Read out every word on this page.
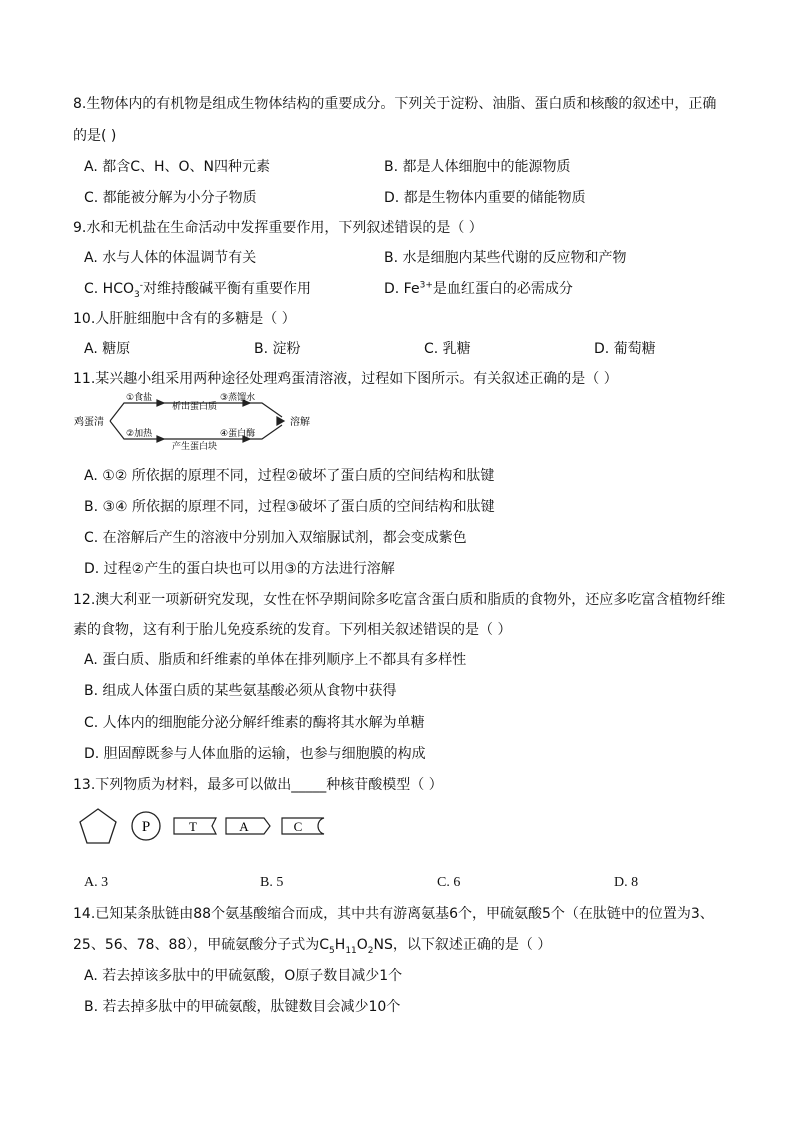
8.生物体内的有机物是组成生物体结构的重要成分。下列关于淀粉、油脂、蛋白质和核酸的叙述中，正确
的是( )
A. 都含C、H、O、N四种元素	B. 都是人体细胞中的能源物质
C. 都能被分解为小分子物质	D. 都是生物体内重要的储能物质
9.水和无机盐在生命活动中发挥重要作用，下列叙述错误的是（ ）
A. 水与人体的体温调节有关	B. 水是细胞内某些代谢的反应物和产物
C. $HCO_3^-$对维持酸碱平衡有重要作用	D. $Fe^{3+}$是血红蛋白的必需成分
10.人肝脏细胞中含有的多糖是（ ）
A. 糖原	B. 淀粉	C. 乳糖	D. 葡萄糖
11.某兴趣小组采用两种途径处理鸡蛋清溶液，过程如下图所示。有关叙述正确的是（ ）
鸡蛋清
①食盐
析出蛋白质
③蒸馏水
②加热
产生蛋白块
④蛋白酶
溶解
A. ①② 所依据的原理不同，过程②破坏了蛋白质的空间结构和肽键
B. ③④ 所依据的原理不同，过程③破坏了蛋白质的空间结构和肽键
C. 在溶解后产生的溶液中分别加入双缩脲试剂，都会变成紫色
D. 过程②产生的蛋白块也可以用③的方法进行溶解
12.澳大利亚一项新研究发现，女性在怀孕期间除多吃富含蛋白质和脂质的食物外，还应多吃富含植物纤维
素的食物，这有利于胎儿免疫系统的发育。下列相关叙述错误的是（ ）
A. 蛋白质、脂质和纤维素的单体在排列顺序上不都具有多样性
B. 组成人体蛋白质的某些氨基酸必须从食物中获得
C. 人体内的细胞能分泌分解纤维素的酶将其水解为单糖
D. 胆固醇既参与人体血脂的运输，也参与细胞膜的构成
13.下列物质为材料，最多可以做出_____种核苷酸模型（ ）
P	T	A	C
A. 3	B. 5	C. 6	D. 8
14.已知某条肽链由88个氨基酸缩合而成，其中共有游离氨基6个，甲硫氨酸5个（在肽链中的位置为3、
25、56、78、88），甲硫氨酸分子式为$C_5H_{11}O_2NS$，以下叙述正确的是（ ）
A. 若去掉该多肽中的甲硫氨酸，O原子数目减少1个
B. 若去掉多肽中的甲硫氨酸，肽键数目会减少10个
